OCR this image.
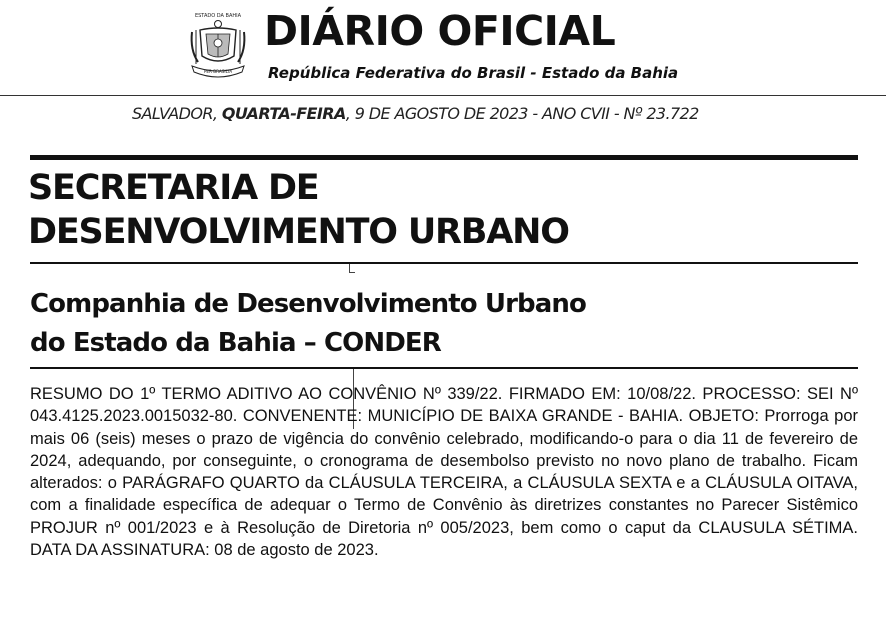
ESTADO DA BAHIA
PER BRASILIA
DIÁRIO OFICIAL
República Federativa do Brasil - Estado da Bahia
SALVADOR, QUARTA-FEIRA, 9 DE AGOSTO DE 2023 - ANO CVII - Nº 23.722
SECRETARIA DE
DESENVOLVIMENTO URBANO
Companhia de Desenvolvimento Urbano
do Estado da Bahia – CONDER
RESUMO DO 1º TERMO ADITIVO AO CONVÊNIO Nº 339/22. FIRMADO EM: 10/08/22. PROCESSO: SEI Nº 043.4125.2023.0015032-80. CONVENENTE: MUNICÍPIO DE BAIXA GRANDE - BAHIA. OBJETO: Prorroga por mais 06 (seis) meses o prazo de vigência do convênio celebrado, modificando-o para o dia 11 de fevereiro de 2024, adequando, por conseguinte, o cronograma de desembolso previsto no novo plano de trabalho. Ficam alterados: o PARÁGRAFO QUARTO da CLÁUSULA TERCEIRA, a CLÁUSULA SEXTA e a CLÁUSULA OITAVA, com a finalidade específica de adequar o Termo de Convênio às diretrizes constantes no Parecer Sistêmico PROJUR nº 001/2023 e à Resolução de Diretoria nº 005/2023, bem como o caput da CLAUSULA SÉTIMA. DATA DA ASSINATURA: 08 de agosto de 2023.
